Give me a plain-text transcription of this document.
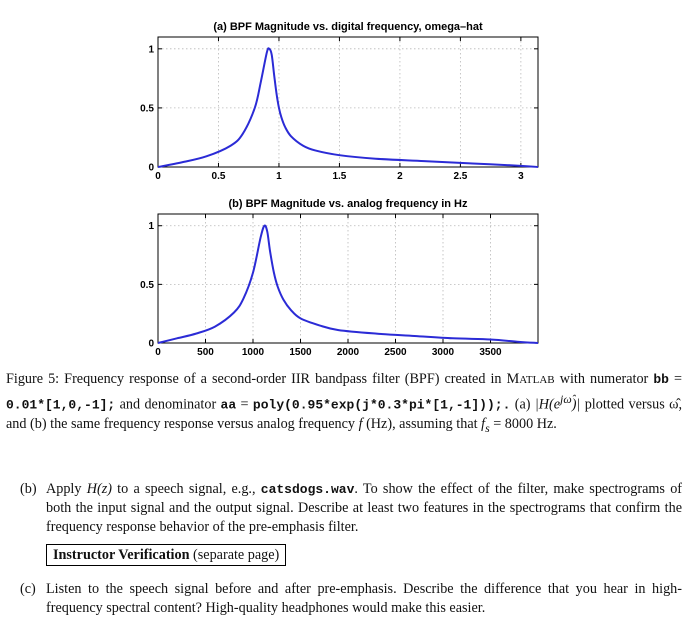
(a) BPF Magnitude vs. digital frequency, omega–hat
0	0.5	1	1.5	2	2.5	3
0
0.5
1
(b) BPF Magnitude vs. analog frequency in Hz
0	500	1000	1500	2000	2500	3000	3500
0
0.5
1
Figure 5: Frequency response of a second-order IIR bandpass filter (BPF) created in MATLAB with numerator bb = 0.01*[1,0,-1]; and denominator aa = poly(0.95*exp(j*0.3*pi*[1,-1]));. (a) $|H(e^{j\omegâ})|$ plotted versus ω̂, and (b) the same frequency response versus analog frequency f (Hz), assuming that $f_s = 8000$ Hz.
(b) Apply H(z) to a speech signal, e.g., catsdogs.wav. To show the effect of the filter, make spectrograms of both the input signal and the output signal. Describe at least two features in the spectrograms that confirm the frequency response behavior of the pre-emphasis filter.
Instructor Verification (separate page)
(c) Listen to the speech signal before and after pre-emphasis. Describe the difference that you hear in high-frequency spectral content? High-quality headphones would make this easier.
